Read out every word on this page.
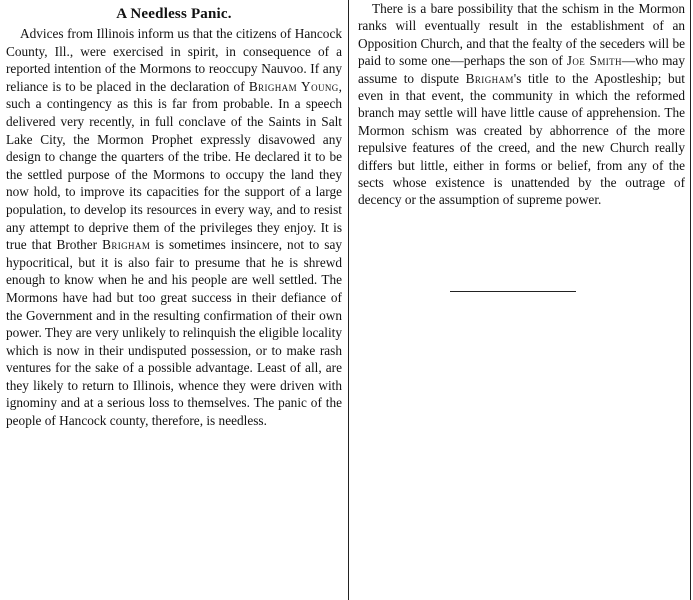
A Needless Panic.

Advices from Illinois inform us that the citizens of Hancock County, Ill., were exercised in spirit, in consequence of a reported intention of the Mormons to reoccupy Nauvoo. If any reliance is to be placed in the declaration of Brigham Young, such a contingency as this is far from probable. In a speech delivered very recently, in full conclave of the Saints in Salt Lake City, the Mormon Prophet expressly disavowed any design to change the quarters of the tribe. He declared it to be the settled purpose of the Mormons to occupy the land they now hold, to improve its capacities for the support of a large population, to develop its resources in every way, and to resist any attempt to deprive them of the privileges they enjoy. It is true that Brother Brigham is sometimes insincere, not to say hypocritical, but it is also fair to presume that he is shrewd enough to know when he and his people are well settled. The Mormons have had but too great success in their defiance of the Government and in the resulting confirmation of their own power. They are very unlikely to relinquish the eligible locality which is now in their undisputed possession, or to make rash ventures for the sake of a possible advantage. Least of all, are they likely to return to Illinois, whence they were driven with ignominy and at a serious loss to themselves. The panic of the people of Hancock county, therefore, is needless.

There is a bare possibility that the schism in the Mormon ranks will eventually result in the establishment of an Opposition Church, and that the fealty of the seceders will be paid to some one—perhaps the son of Joe Smith—who may assume to dispute Brigham's title to the Apostleship; but even in that event, the community in which the reformed branch may settle will have little cause of apprehension. The Mormon schism was created by abhorrence of the more repulsive features of the creed, and the new Church really differs but little, either in forms or belief, from any of the sects whose existence is unattended by the outrage of decency or the assumption of supreme power.
